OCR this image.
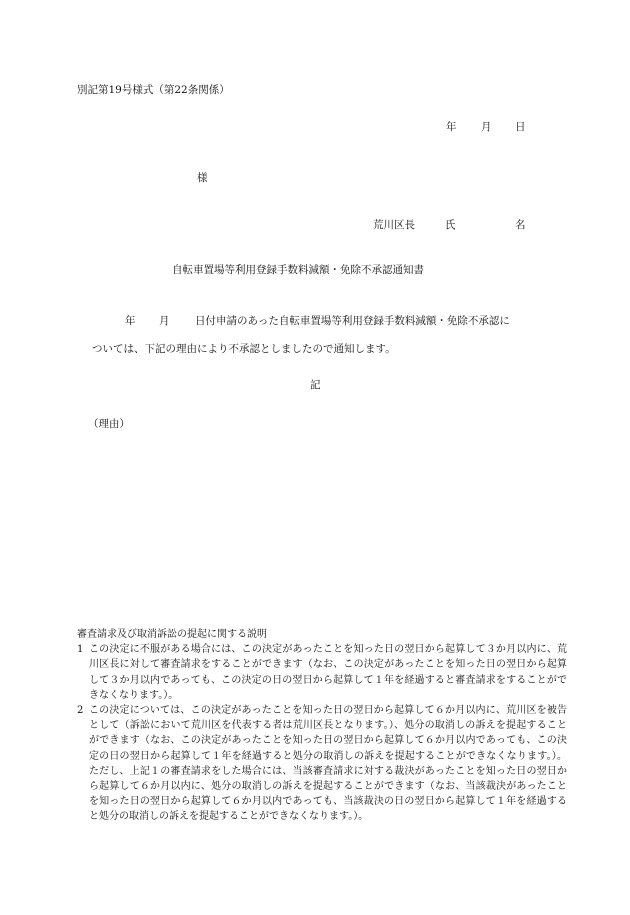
別記第19号様式（第22条関係）
年 月 日
様
荒川区長	氏	名
自転車置場等利用登録手数料減額・免除不承認通知書
年 月 日付申請のあった自転車置場等利用登録手数料減額・免除不承認に
ついては、下記の理由により不承認としましたので通知します。
記
（理由）
審査請求及び取消訴訟の提起に関する説明
1 この決定に不服がある場合には、この決定があったことを知った日の翌日から起算して３か月以内に、荒川区長に対して審査請求をすることができます（なお、この決定があったことを知った日の翌日から起算して３か月以内であっても、この決定の日の翌日から起算して１年を経過すると審査請求をすることができなくなります。）。
2 この決定については、この決定があったことを知った日の翌日から起算して６か月以内に、荒川区を被告として（訴訟において荒川区を代表する者は荒川区長となります。）、処分の取消しの訴えを提起することができます（なお、この決定があったことを知った日の翌日から起算して６か月以内であっても、この決定の日の翌日から起算して１年を経過すると処分の取消しの訴えを提起することができなくなります。）。ただし、上記１の審査請求をした場合には、当該審査請求に対する裁決があったことを知った日の翌日から起算して６か月以内に、処分の取消しの訴えを提起することができます（なお、当該裁決があったことを知った日の翌日から起算して６か月以内であっても、当該裁決の日の翌日から起算して１年を経過すると処分の取消しの訴えを提起することができなくなります。）。
